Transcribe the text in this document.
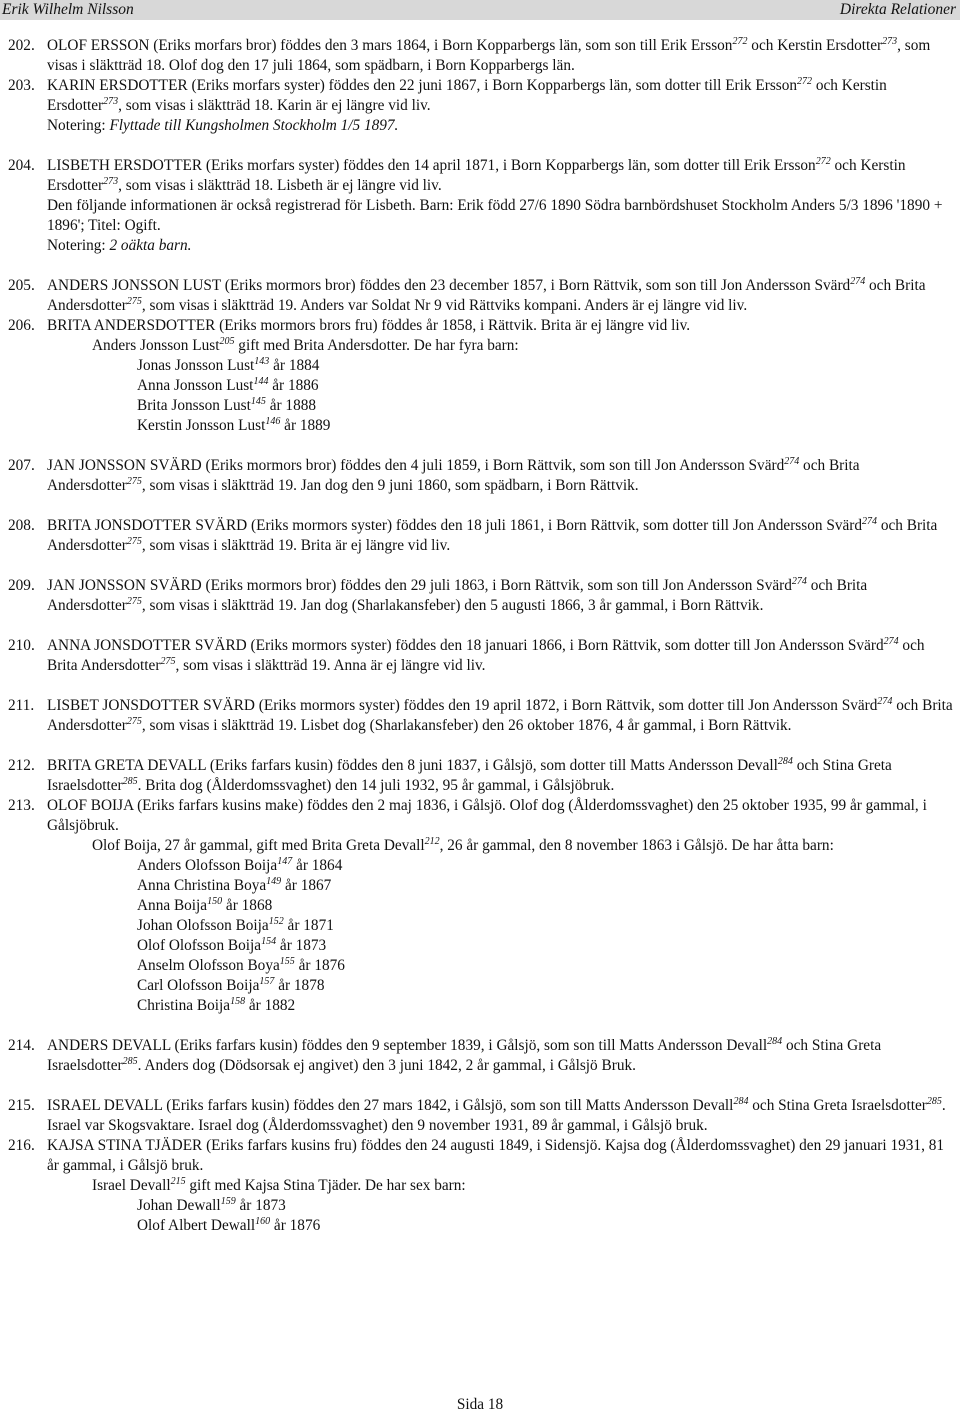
Erik Wilhelm Nilsson	Direkta Relationer
202. OLOF ERSSON (Eriks morfars bror) föddes den 3 mars 1864, i Born Kopparbergs län, som son till Erik Ersson$^{272}$ och Kerstin Ersdotter$^{273}$, som visas i släktträd 18. Olof dog den 17 juli 1864, som spädbarn, i Born Kopparbergs län.
203. KARIN ERSDOTTER (Eriks morfars syster) föddes den 22 juni 1867, i Born Kopparbergs län, som dotter till Erik Ersson$^{272}$ och Kerstin Ersdotter$^{273}$, som visas i släktträd 18. Karin är ej längre vid liv.
Notering: Flyttade till Kungsholmen Stockholm 1/5 1897.
204. LISBETH ERSDOTTER (Eriks morfars syster) föddes den 14 april 1871, i Born Kopparbergs län, som dotter till Erik Ersson$^{272}$ och Kerstin Ersdotter$^{273}$, som visas i släktträd 18. Lisbeth är ej längre vid liv.
Den följande informationen är också registrerad för Lisbeth. Barn: Erik född 27/6 1890 Södra barnbördshuset Stockholm Anders 5/3 1896 '1890 + 1896'; Titel: Ogift.
Notering: 2 oäkta barn.
205. ANDERS JONSSON LUST (Eriks mormors bror) föddes den 23 december 1857, i Born Rättvik, som son till Jon Andersson Svärd$^{274}$ och Brita Andersdotter$^{275}$, som visas i släktträd 19. Anders var Soldat Nr 9 vid Rättviks kompani. Anders är ej längre vid liv.
206. BRITA ANDERSDOTTER (Eriks mormors brors fru) föddes år 1858, i Rättvik. Brita är ej längre vid liv.
Anders Jonsson Lust$^{205}$ gift med Brita Andersdotter. De har fyra barn:
Jonas Jonsson Lust$^{143}$ år 1884
Anna Jonsson Lust$^{144}$ år 1886
Brita Jonsson Lust$^{145}$ år 1888
Kerstin Jonsson Lust$^{146}$ år 1889
207. JAN JONSSON SVÄRD (Eriks mormors bror) föddes den 4 juli 1859, i Born Rättvik, som son till Jon Andersson Svärd$^{274}$ och Brita Andersdotter$^{275}$, som visas i släktträd 19. Jan dog den 9 juni 1860, som spädbarn, i Born Rättvik.
208. BRITA JONSDOTTER SVÄRD (Eriks mormors syster) föddes den 18 juli 1861, i Born Rättvik, som dotter till Jon Andersson Svärd$^{274}$ och Brita Andersdotter$^{275}$, som visas i släktträd 19. Brita är ej längre vid liv.
209. JAN JONSSON SVÄRD (Eriks mormors bror) föddes den 29 juli 1863, i Born Rättvik, som son till Jon Andersson Svärd$^{274}$ och Brita Andersdotter$^{275}$, som visas i släktträd 19. Jan dog (Sharlakansfeber) den 5 augusti 1866, 3 år gammal, i Born Rättvik.
210. ANNA JONSDOTTER SVÄRD (Eriks mormors syster) föddes den 18 januari 1866, i Born Rättvik, som dotter till Jon Andersson Svärd$^{274}$ och Brita Andersdotter$^{275}$, som visas i släktträd 19. Anna är ej längre vid liv.
211. LISBET JONSDOTTER SVÄRD (Eriks mormors syster) föddes den 19 april 1872, i Born Rättvik, som dotter till Jon Andersson Svärd$^{274}$ och Brita Andersdotter$^{275}$, som visas i släktträd 19. Lisbet dog (Sharlakansfeber) den 26 oktober 1876, 4 år gammal, i Born Rättvik.
212. BRITA GRETA DEVALL (Eriks farfars kusin) föddes den 8 juni 1837, i Gålsjö, som dotter till Matts Andersson Devall$^{284}$ och Stina Greta Israelsdotter$^{285}$. Brita dog (Ålderdomssvaghet) den 14 juli 1932, 95 år gammal, i Gålsjöbruk.
213. OLOF BOIJA (Eriks farfars kusins make) föddes den 2 maj 1836, i Gålsjö. Olof dog (Ålderdomssvaghet) den 25 oktober 1935, 99 år gammal, i Gålsjöbruk.
Olof Boija, 27 år gammal, gift med Brita Greta Devall$^{212}$, 26 år gammal, den 8 november 1863 i Gålsjö. De har åtta barn:
Anders Olofsson Boija$^{147}$ år 1864
Anna Christina Boya$^{149}$ år 1867
Anna Boija$^{150}$ år 1868
Johan Olofsson Boija$^{152}$ år 1871
Olof Olofsson Boija$^{154}$ år 1873
Anselm Olofsson Boya$^{155}$ år 1876
Carl Olofsson Boija$^{157}$ år 1878
Christina Boija$^{158}$ år 1882
214. ANDERS DEVALL (Eriks farfars kusin) föddes den 9 september 1839, i Gålsjö, som son till Matts Andersson Devall$^{284}$ och Stina Greta Israelsdotter$^{285}$. Anders dog (Dödsorsak ej angivet) den 3 juni 1842, 2 år gammal, i Gålsjö Bruk.
215. ISRAEL DEVALL (Eriks farfars kusin) föddes den 27 mars 1842, i Gålsjö, som son till Matts Andersson Devall$^{284}$ och Stina Greta Israelsdotter$^{285}$. Israel var Skogsvaktare. Israel dog (Ålderdomssvaghet) den 9 november 1931, 89 år gammal, i Gålsjö bruk.
216. KAJSA STINA TJÄDER (Eriks farfars kusins fru) föddes den 24 augusti 1849, i Sidensjö. Kajsa dog (Ålderdomssvaghet) den 29 januari 1931, 81 år gammal, i Gålsjö bruk.
Israel Devall$^{215}$ gift med Kajsa Stina Tjäder. De har sex barn:
Johan Dewall$^{159}$ år 1873
Olof Albert Dewall$^{160}$ år 1876
Sida 18
